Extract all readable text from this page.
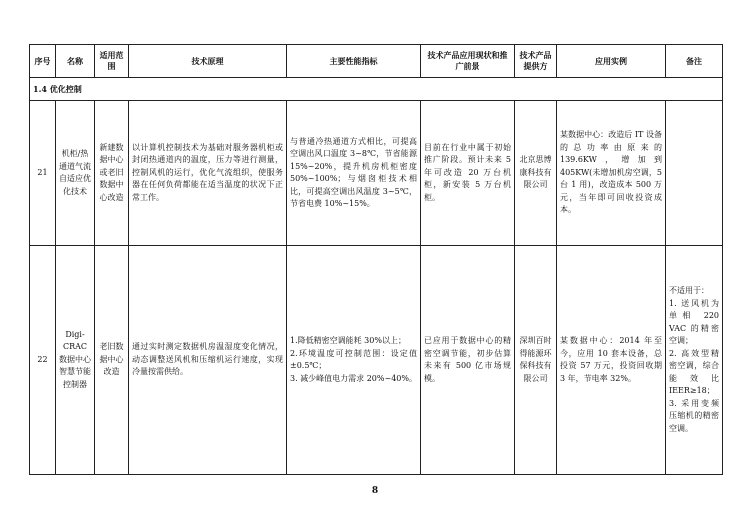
序号	名称	适用范围	技术原理	主要性能指标	技术产品应用现状和推广前景	技术产品提供方	应用实例	备注
1.4 优化控制								
21	机柜/热通道气流自适应优化技术	新建数据中心或老旧数据中心改造	以计算机控制技术为基础对服务器机柜或封闭热通道内的温度，压力等进行测量，控制风机的运行，优化气流组织，使服务器在任何负荷都能在适当温度的状况下正常工作。	与普通冷热通道方式相比，可提高空调出风口温度 3~8℃，节省能源 15%~20%，提升机房机柜密度 50%~100%；与烟囱柜技术相比，可提高空调出风温度 3~5℃，节省电费 10%~15%。	目前在行业中属于初始推广阶段。预计未来 5 年可改造 20 万台机柜，新安装 5 万台机柜。	北京思博康科技有限公司	某数据中心：改造后 IT 设备的总功率由原来的 139.6KW，增加到 405KW(未增加机房空调，5 台 1 用)，改造成本 500 万元，当年即可回收投资成本。	
22	Digi-CRAC 数据中心智慧节能控制器	老旧数据中心改造	通过实时测定数据机房温湿度变化情况，动态调整送风机和压缩机运行速度，实现冷量按需供给。	1.降低精密空调能耗 30%以上；
2.环境温度可控制范围：设定值±0.5℃；
3. 减少峰值电力需求 20%~40%。	已应用于数据中心的精密空调节能，初步估算未来有 500 亿市场规模。	深圳百时得能源环保科技有限公司	某数据中心：2014 年至今，应用 10 套本设备，总投资 57 万元，投资回收期 3 年，节电率 32%。	不适用于：
1. 送风机为单相 220 VAC 的精密空调；
2. 高效型精密空调，综合能效比 IEER≥18；
3. 采用变频压缩机的精密空调。
8
